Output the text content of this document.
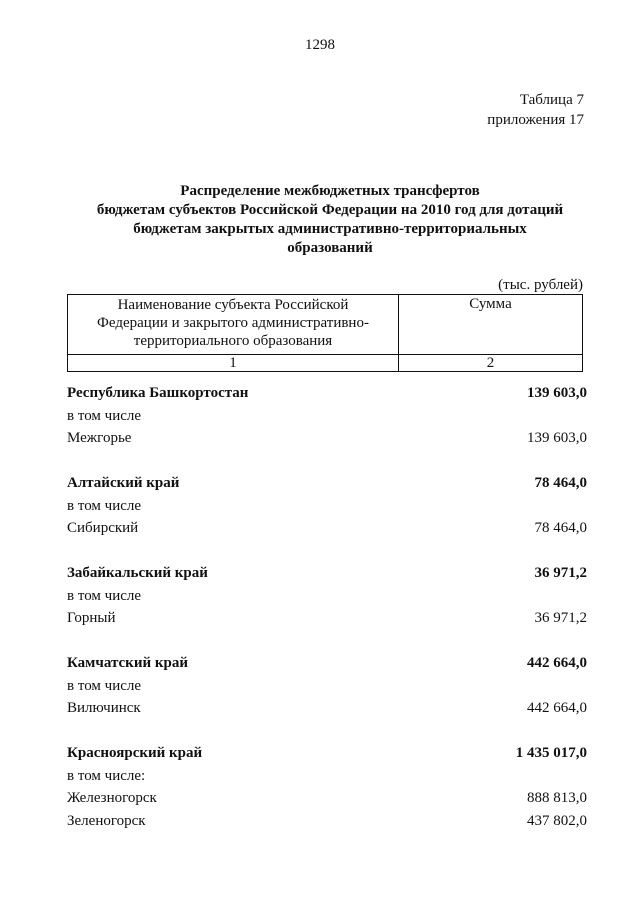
1298
Таблица 7
приложения 17
Распределение межбюджетных трансфертов
бюджетам субъектов Российской Федерации на 2010 год для дотаций
бюджетам закрытых административно-территориальных
образований
(тыс. рублей)
Наименование субъекта Российской
Федерации и закрытого административно-
территориального образования	Сумма
1	2
Республика Башкортостан	139 603,0
в том числе
Межгорье	139 603,0
Алтайский край	78 464,0
в том числе
Сибирский	78 464,0
Забайкальский край	36 971,2
в том числе
Горный	36 971,2
Камчатский край	442 664,0
в том числе
Вилючинск	442 664,0
Красноярский край	1 435 017,0
в том числе:
Железногорск	888 813,0
Зеленогорск	437 802,0
